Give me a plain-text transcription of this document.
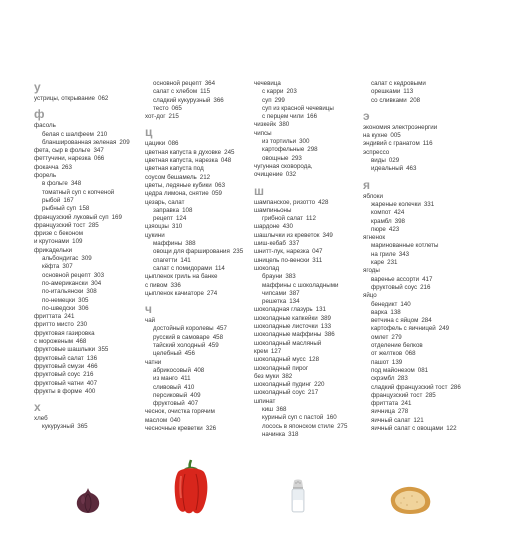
у
устрицы, открывание 062
ф
фасоль
белая с шалфеем 210
бланшированная зеленая 209
фета, сыр в фольге 347
феттучини, нарезка 066
фокачча 263
форель
в фольге 348
томатный суп с копченой
рыбой 167
рыбный суп 158
французский луковый суп 169
французский тост 285
фризе с беконом
и крутонами 109
фрикадельки
альбондигас 309
кёфта 307
основной рецепт 303
по-американски 304
по-итальянски 308
по-немецки 305
по-шведски 306
фриттата 241
фритто мисто 230
фруктовая газировка
с мороженым 468
фруктовые шашлыки 355
фруктовый салат 136
фруктовый смузи 466
фруктовый соус 216
фруктовый чатни 407
фрукты в форме 400
х
хлеб
кукурузный 365
основной рецепт 364
салат с хлебом 115
сладкий кукурузный 366
тесто 065
хот-дог 215
ц
цацики 086
цветная капуста в духовке 245
цветная капуста, нарезка 048
цветная капуста под
соусом бешамель 212
цветы, ледяные кубики 063
цедра лимона, снятие 059
цезарь, салат
заправка 108
рецепт 124
цзяоцзы 310
цукини
маффины 388
овощи для фарширования 235
спагетти 141
салат с помидорами 114
цыпленок гриль на банке
с пивом 336
цыпленок качиаторе 274
ч
чай
достойный королевы 457
русский в самоваре 458
тайский холодный 459
целебный 456
чатни
абрикосовый 408
из манго 411
сливовый 410
персиковый 409
фруктовый 407
чеснок, очистка горячим
маслом 040
чесночные креветки 326
чечевица
с карри 203
суп 299
суп из красной чечевицы
с перцем чили 166
чизкейк 380
чипсы
из тортильи 300
картофельные 298
овощные 293
чугунная сковорода,
очищение 032
ш
шампанское, ризотто 428
шампиньоны
грибной салат 112
шардоне 430
шашлычки из креветок 349
шиш-кебаб 337
шнитт-лук, нарезка 047
шницель по-венски 311
шоколад
брауни 383
маффины с шоколадными
чипсами 387
решетка 134
шоколадная глазурь 131
шоколадные капкейки 389
шоколадные листочки 133
шоколадные маффины 386
шоколадный масляный
крем 127
шоколадный мусс 128
шоколадный пирог
без муки 382
шоколадный пудинг 220
шоколадный соус 217
шпинат
киш 368
куриный суп с пастой 160
лосось в японском стиле 275
начинка 318
салат с кедровыми
орешками 113
со сливками 208
э
экономия электроэнергии
на кухне 005
эндивий с гранатом 116
эспрессо
виды 029
идеальный 463
я
яблоки
жареные колечки 331
компот 424
крамбл 398
пюре 423
ягненок
маринованные котлеты
на гриле 343
каре 231
ягоды
варенье ассорти 417
фруктовый соус 216
яйцо
бенедикт 140
варка 138
ветчина с яйцом 284
картофель с яичницей 249
омлет 279
отделение белков
от желтков 068
пашот 139
под майонезом 081
скрэмбл 283
сладкий французский тост 286
французский тост 285
фриттата 241
яичница 278
яичный салат 121
яичный салат с овощами 122
